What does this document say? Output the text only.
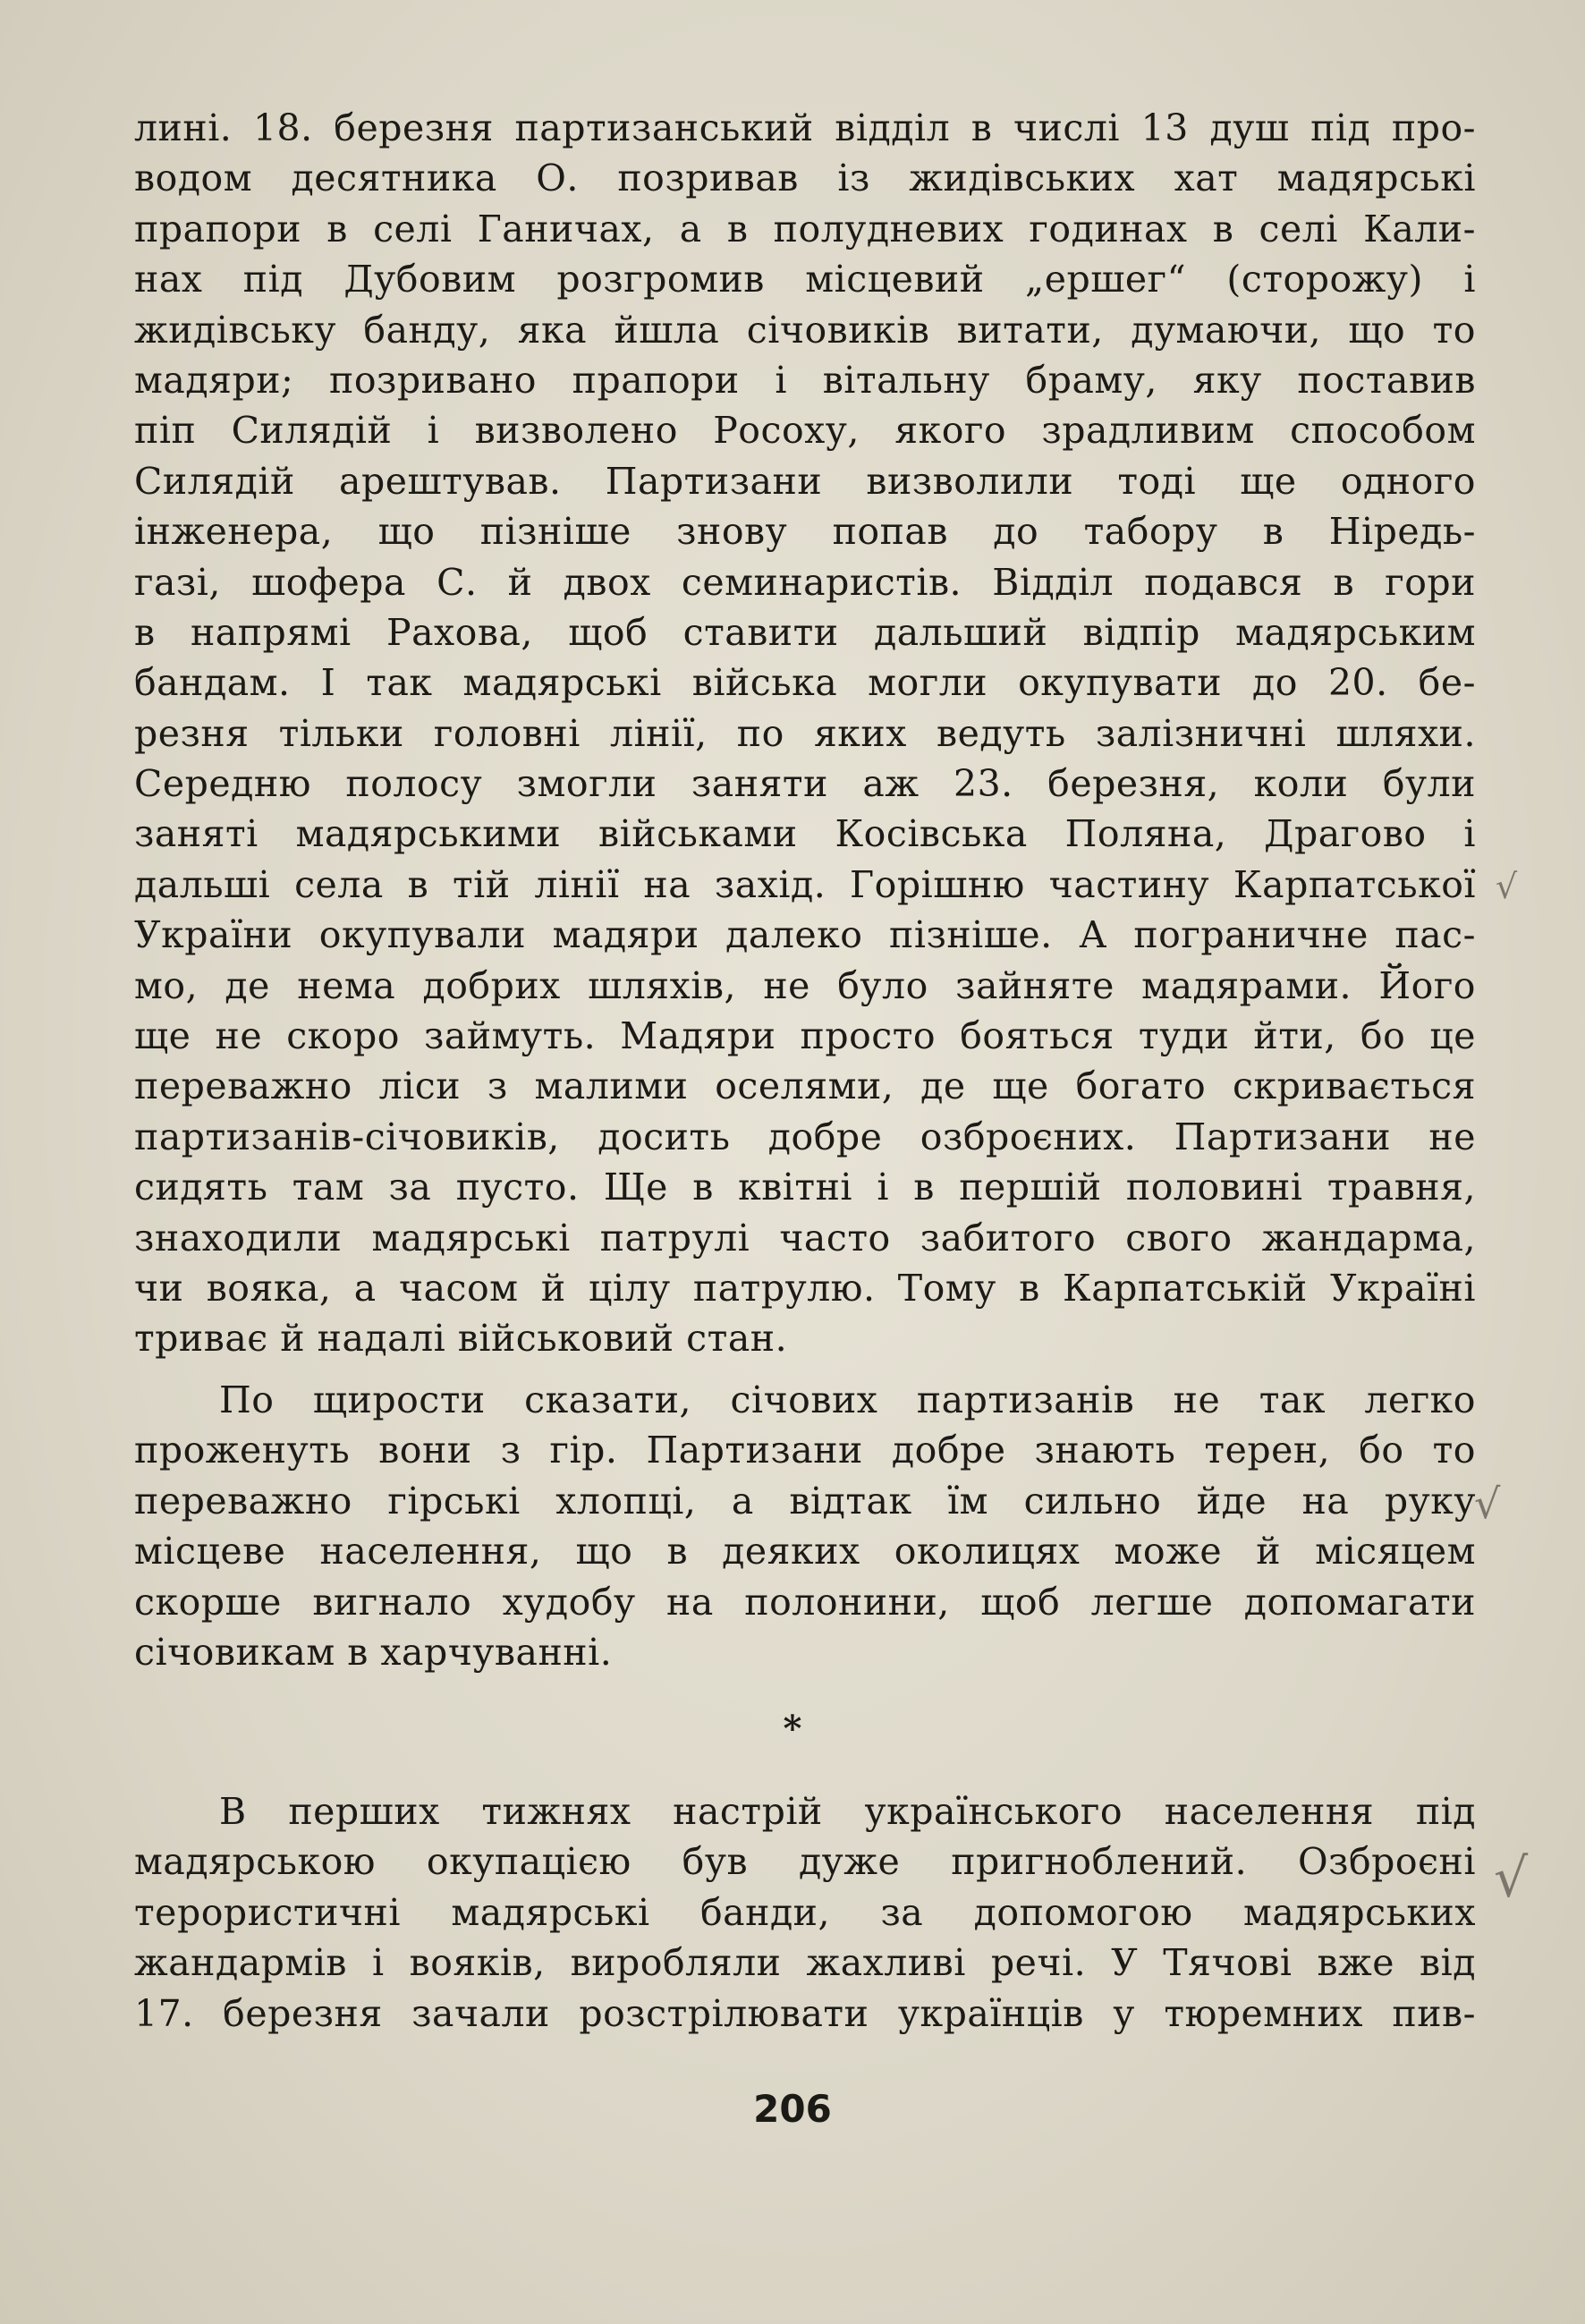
лині. 18. березня партизанський відділ в числі 13 душ під про-
водом десятника О. позривав із жидівських хат мадярські
прапори в селі Ганичах, а в полудневих годинах в селі Кали-
нах під Дубовим розгромив місцевий „ершег“ (сторожу) і
жидівську банду, яка йшла січовиків витати, думаючи, що то
мадяри; позривано прапори і вітальну браму, яку поставив
піп Силядій і визволено Росоху, якого зрадливим способом
Силядій арештував. Партизани визволили тоді ще одного
інженера, що пізніше знову попав до табору в Ніредь-
газі, шофера С. й двох семинаристів. Відділ подався в гори
в напрямі Рахова, щоб ставити дальший відпір мадярським
бандам. І так мадярські війська могли окупувати до 20. бе-
резня тільки головні лінії, по яких ведуть залізничні шляхи.
Середню полосу змогли заняти аж 23. березня, коли були
заняті мадярськими військами Косівська Поляна, Драгово і
дальші села в тій лінії на захід. Горішню частину Карпатської
України окупували мадяри далеко пізніше. А пограничне пас-
мо, де нема добрих шляхів, не було зайняте мадярами. Його
ще не скоро займуть. Мадяри просто бояться туди йти, бо це
переважно ліси з малими оселями, де ще богато скривається
партизанів-січовиків, досить добре озброєних. Партизани не
сидять там за пусто. Ще в квітні і в першій половині травня,
знаходили мадярські патрулі часто забитого свого жандарма,
чи вояка, а часом й цілу патрулю. Тому в Карпатській Україні
триває й надалі військовий стан.
По щирости сказати, січових партизанів не так легко
проженуть вони з гір. Партизани добре знають терен, бо то
переважно гірські хлопці, а відтак їм сильно йде на руку
місцеве населення, що в деяких околицях може й місяцем
скорше вигнало худобу на полонини, щоб легше допомагати
січовикам в харчуванні.
*
В перших тижнях настрій українського населення під
мадярською окупацією був дуже пригноблений. Озброєні
терористичні мадярські банди, за допомогою мадярських
жандармів і вояків, виробляли жахливі речі. У Тячові вже від
17. березня зачали розстрілювати українців у тюремних пив-
206
√
√
√
